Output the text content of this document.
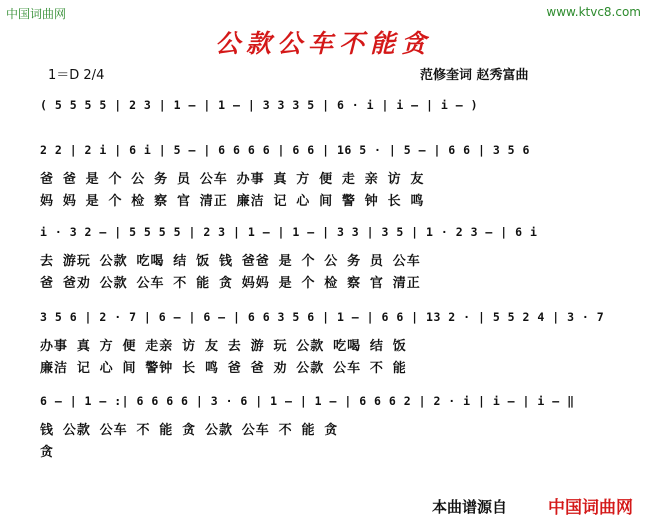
中国词曲网	www.ktvc8.com
公款公车不能贪
1＝D 2/4	范修奎词 赵秀富曲
( 5 5 5 5 | 2 3 | 1 — | 1 — | 3 3 3 5 | 6 · i | i — | i — )
2 2 | 2 i | 6 i | 5 — | 6 6 6 6 | 6 6 | 16 5 · | 5 — | 6 6 | 3 5 6
爸 爸 是 个 公 务 员 公车 办事 真 方 便 走 亲 访 友
妈 妈 是 个 检 察 官 清正 廉洁 记 心 间 警 钟 长 鸣
i · 3 2 — | 5 5 5 5 | 2 3 | 1 — | 1 — | 3 3 | 3 5 | 1 · 2 3 — | 6 i
去 游玩 公款 吃喝 结 饭 钱 爸爸 是 个 公 务 员 公车
爸 爸劝 公款 公车 不 能 贪 妈妈 是 个 检 察 官 清正
3 5 6 | 2 · 7 | 6 — | 6 — | 6 6 3 5 6 | 1 — | 6 6 | 13 2 · | 5 5 2 4 | 3 · 7
办事 真 方 便 走亲 访 友 去 游 玩 公款 吃喝 结 饭
廉洁 记 心 间 警钟 长 鸣 爸 爸 劝 公款 公车 不 能
6 — | 1 — :| 6 6 6 6 | 3 · 6 | 1 — | 1 — | 6 6 6 2 | 2 · i | i — | i — ‖
钱 公款 公车 不 能 贪 公款 公车 不 能 贪
贪
本曲谱源自 中国词曲网
